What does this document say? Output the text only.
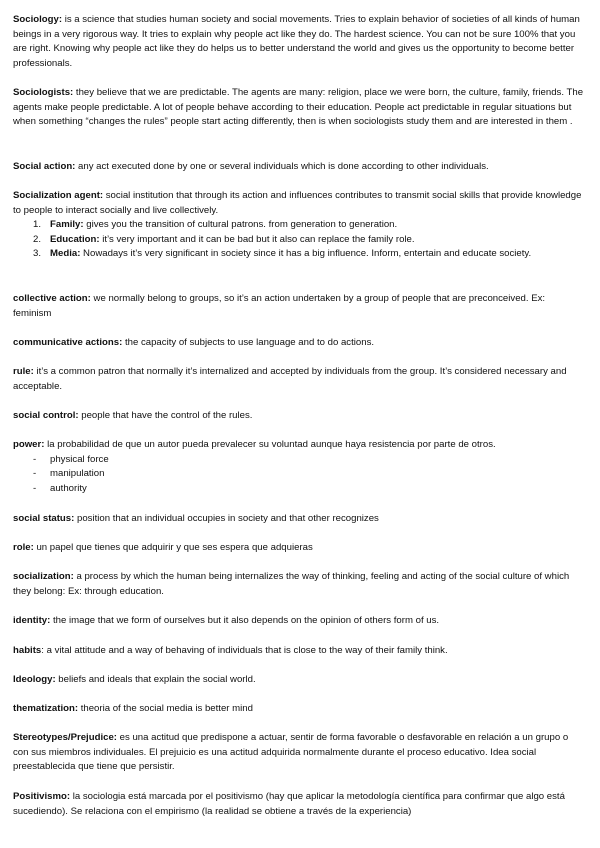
Sociology: is a science that studies human society and social movements. Tries to explain behavior of societies of all kinds of human beings in a very rigorous way. It tries to explain why people act like they do. The hardest science. You can not be sure 100% that you are right. Knowing why people act like they do helps us to better understand the world and gives us the opportunity to become better professionals.

Sociologists: they believe that we are predictable. The agents are many: religion, place we were born, the culture, family, friends. The agents make people predictable. A lot of people behave according to their education. People act predictable in regular situations but when something “changes the rules” people start acting differently, then is when sociologists study them and are interested in them .

Social action: any act executed done by one or several individuals which is done according to other individuals.

Socialization agent: social institution that through its action and influences contributes to transmit social skills that provide knowledge to people to interact socially and live collectively.
1. Family: gives you the transition of cultural patrons. from generation to generation.
2. Education: it’s very important and it can be bad but it also can replace the family role.
3. Media: Nowadays it’s very significant in society since it has a big influence. Inform, entertain and educate society.

collective action: we normally belong to groups, so it’s an action undertaken by a group of people that are preconceived. Ex: feminism

communicative actions: the capacity of subjects to use language and to do actions.

rule: it’s a common patron that normally it’s internalized and accepted by individuals from the group. It’s considered necessary and acceptable.

social control: people that have the control of the rules.

power: la probabilidad de que un autor pueda prevalecer su voluntad aunque haya resistencia por parte de otros.
- physical force
- manipulation
- authority

social status: position that an individual occupies in society and that other recognizes

role: un papel que tienes que adquirir y que ses espera que adquieras

socialization: a process by which the human being internalizes the way of thinking, feeling and acting of the social culture of which they belong: Ex: through education.

identity: the image that we form of ourselves but it also depends on the opinion of others form of us.

habits: a vital attitude and a way of behaving of individuals that is close to the way of their family think.

Ideology: beliefs and ideals that explain the social world.

thematization: theoria of the social media is better mind

Stereotypes/Prejudice: es una actitud que predispone a actuar, sentir de forma favorable o desfavorable en relación a un grupo o con sus miembros individuales. El prejuicio es una actitud adquirida normalmente durante el proceso educativo. Idea social preestablecida que tiene que persistir.

Positivismo: la sociologia está marcada por el positivismo (hay que aplicar la metodología científica para confirmar que algo está sucediendo). Se relaciona con el empirismo (la realidad se obtiene a través de la experiencia)
